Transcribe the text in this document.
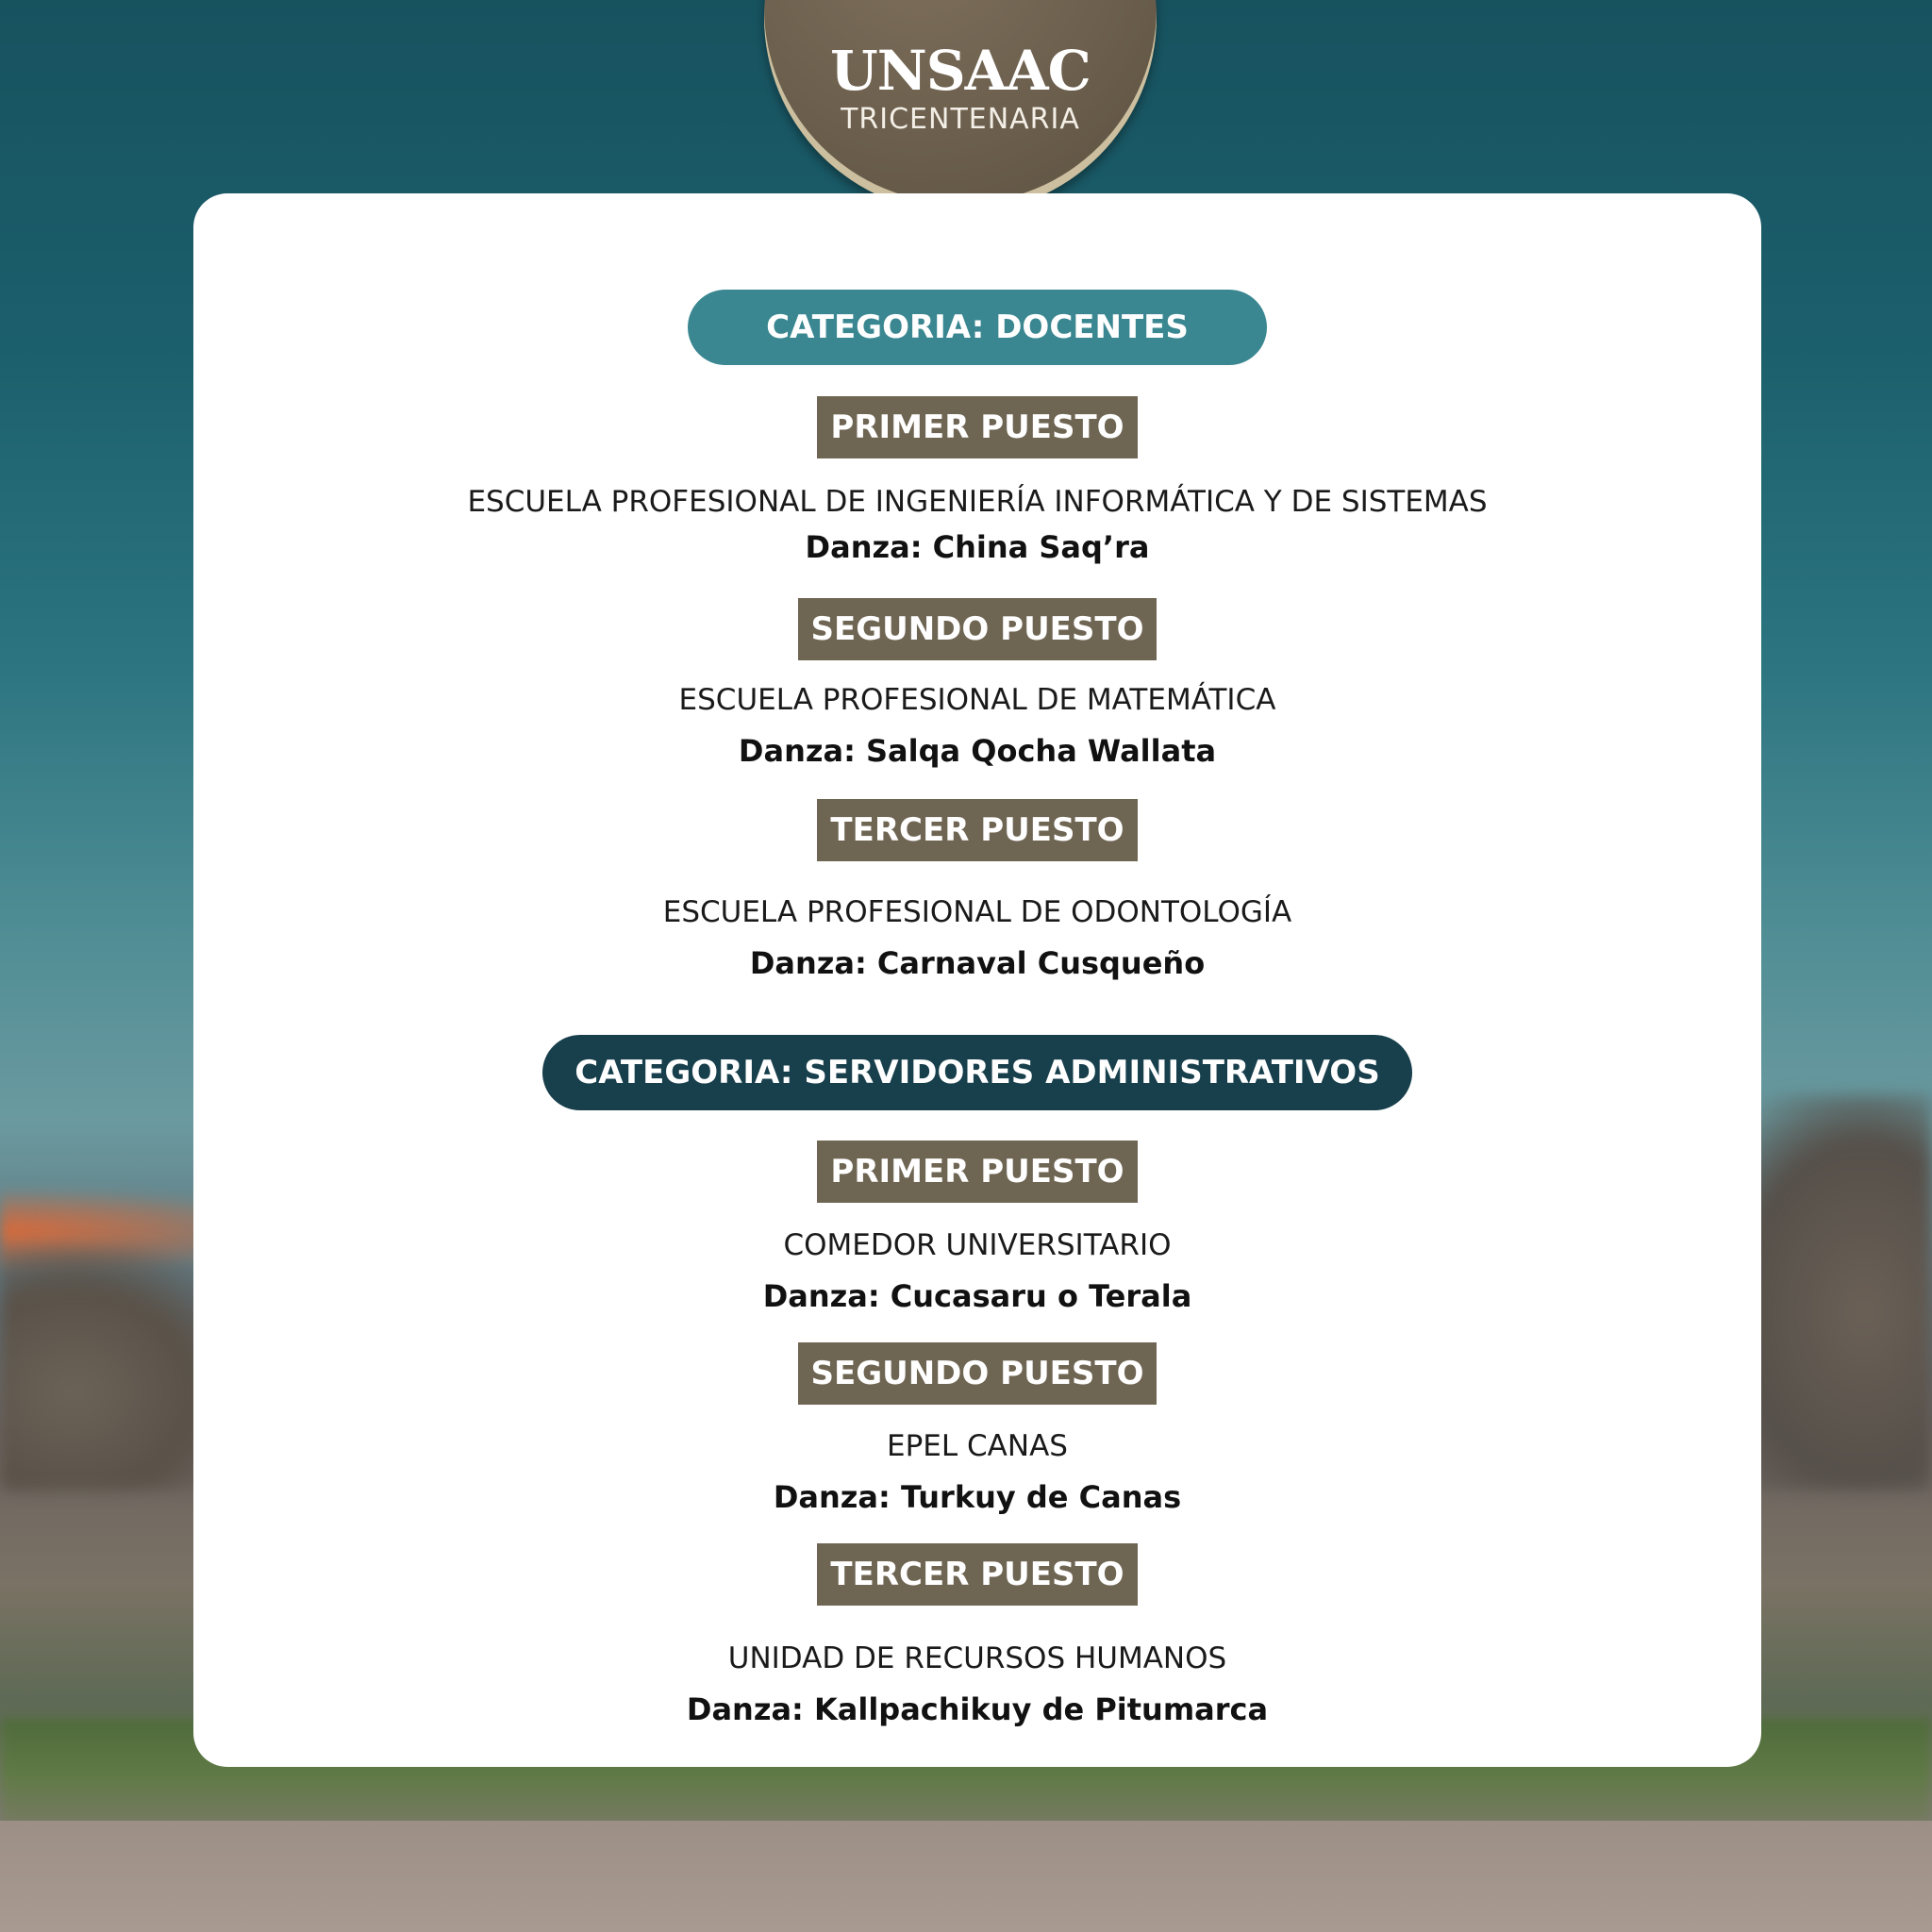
UNSAAC
TRICENTENARIA
CATEGORIA: DOCENTES
PRIMER PUESTO
ESCUELA PROFESIONAL DE INGENIERÍA INFORMÁTICA Y DE SISTEMAS
Danza: China Saq’ra
SEGUNDO PUESTO
ESCUELA PROFESIONAL DE MATEMÁTICA
Danza: Salqa Qocha Wallata
TERCER PUESTO
ESCUELA PROFESIONAL DE ODONTOLOGÍA
Danza: Carnaval Cusqueño
CATEGORIA: SERVIDORES ADMINISTRATIVOS
PRIMER PUESTO
COMEDOR UNIVERSITARIO
Danza: Cucasaru o Terala
SEGUNDO PUESTO
EPEL CANAS
Danza: Turkuy de Canas
TERCER PUESTO
UNIDAD DE RECURSOS HUMANOS
Danza: Kallpachikuy de Pitumarca
